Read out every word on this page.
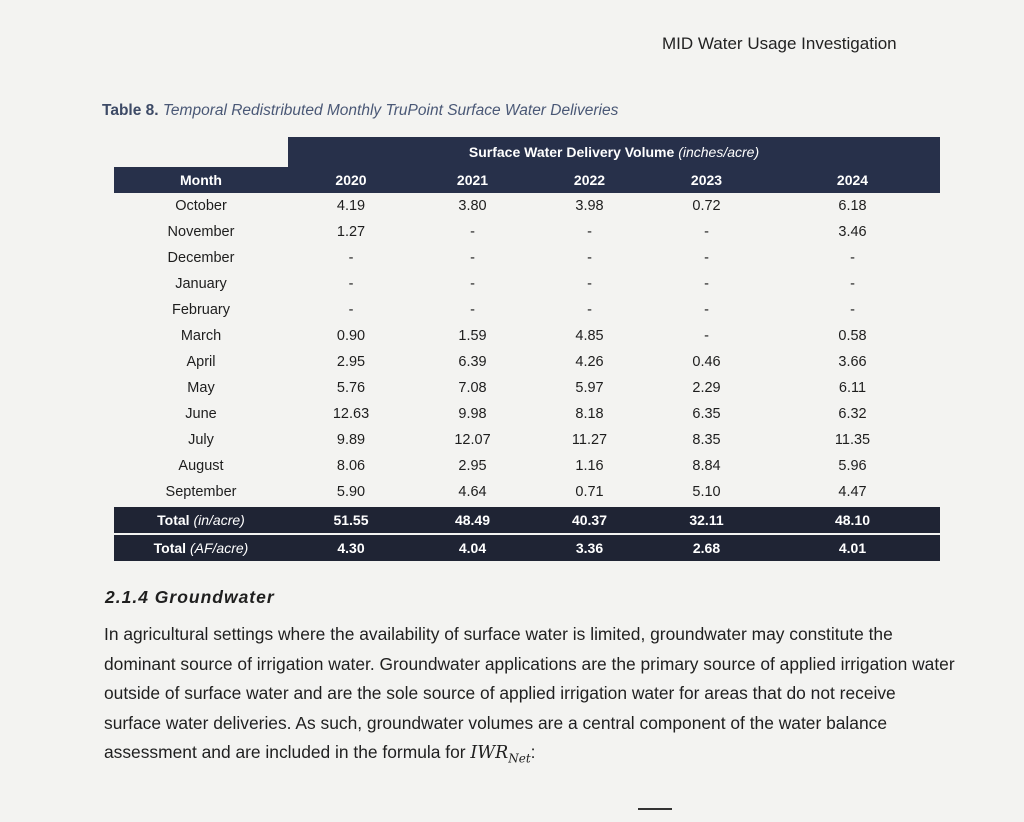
MID Water Usage Investigation
Table 8. Temporal Redistributed Monthly TruPoint Surface Water Deliveries
	Surface Water Delivery Volume (inches/acre)				
Month	2020	2021	2022	2023	2024
October	4.19	3.80	3.98	0.72	6.18
November	1.27	-	-	-	3.46
December	-	-	-	-	-
January	-	-	-	-	-
February	-	-	-	-	-
March	0.90	1.59	4.85	-	0.58
April	2.95	6.39	4.26	0.46	3.66
May	5.76	7.08	5.97	2.29	6.11
June	12.63	9.98	8.18	6.35	6.32
July	9.89	12.07	11.27	8.35	11.35
August	8.06	2.95	1.16	8.84	5.96
September	5.90	4.64	0.71	5.10	4.47
Total (in/acre)	51.55	48.49	40.37	32.11	48.10
Total (AF/acre)	4.30	4.04	3.36	2.68	4.01
2.1.4 Groundwater

In agricultural settings where the availability of surface water is limited, groundwater may constitute the dominant source of irrigation water. Groundwater applications are the primary source of applied irrigation water outside of surface water and are the sole source of applied irrigation water for areas that do not receive surface water deliveries. As such, groundwater volumes are a central component of the water balance assessment and are included in the formula for $IWR_{Net}$:
